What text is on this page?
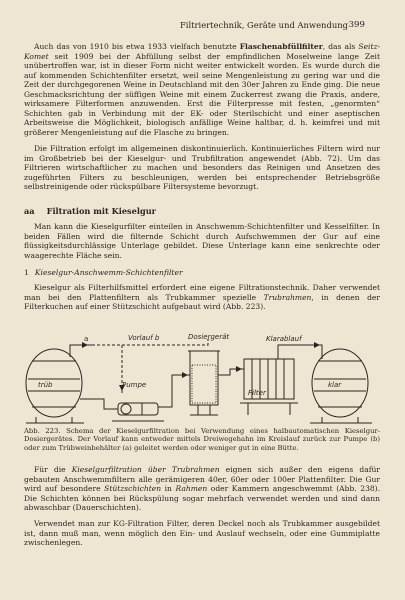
Filtriertechnik, Geräte und Anwendung 399

Auch das von 1910 bis etwa 1933 vielfach benutzte Flaschenabfüllfilter, das als Seitz-Komet seit 1909 bei der Abfüllung selbst der empfindlichen Moselweine lange Zeit unübertroffen war, ist in dieser Form nicht weiter entwickelt worden. Es wurde durch die auf kommenden Schichtenfilter ersetzt, weil seine Mengenleistung zu gering war und die Zeit der durchgegorenen Weine in Deutschland mit den 30er Jahren zu Ende ging. Die neue Geschmacksrichtung der süffigen Weine mit einem Zuckerrest zwang die Praxis, andere, wirksamere Filterformen anzuwenden. Erst die Filterpresse mit festen, „genormten“ Schichten gab in Verbindung mit der EK- oder Sterilschicht und einer aseptischen Arbeitsweise die Möglichkeit, biologisch anfällige Weine haltbar, d. h. keimfrei und mit größerer Mengenleistung auf die Flasche zu bringen.

Die Filtration erfolgt im allgemeinen diskontinuierlich. Kontinuierliches Filtern wird nur im Großbetrieb bei der Kieselgur- und Trubfiltration angewendet (Abb. 72). Um das Filtrieren wirtschaftlicher zu machen und besonders das Reinigen und Ansetzen des zugeführten Filters zu beschleunigen, werden bei entsprechender Betriebsgröße selbstreinigende oder rückspülbare Filtersysteme bevorzugt.

aa Filtration mit Kieselgur

Man kann die Kieselgurfilter einteilen in Anschwemm-Schichtenfilter und Kesselfilter. In beiden Fällen wird die filternde Schicht durch Aufschwemmen der Gur auf eine flüssigkeitsdurchlässige Unterlage gebildet. Diese Unterlage kann eine senkrechte oder waagerechte Fläche sein.

1 Kieselgur-Anschwemm-Schichtenfilter

Kieselgur als Filterhilfsmittel erfordert eine eigene Filtrationstechnik. Daher verwendet man bei den Plattenfiltern als Trubkammer spezielle Trubrahmen, in denen der Filterkuchen auf einer Stützschicht aufgebaut wird (Abb. 223).

trüb
a	Vorlauf b
Pumpe
Dosiergerät
Filter
Klarablauf
klar
Abb. 223. Schema der Kieselgurfiltration bei Verwendung eines halbautomatischen Kieselgur-Dosiergerätes. Der Vorlauf kann entweder mittels Dreiwegehahn im Kreislauf zurück zur Pumpe (b) oder zum Trübweinbehälter (a) geleitet werden oder weniger gut in eine Bütte.

Für die Kieselgurfiltration über Trubrahmen eignen sich außer den eigens dafür gebauten Anschwemmfiltern alle gerämigeren 40er, 60er oder 100er Plattenfilter. Die Gur wird auf besondere Stützschichten in Rahmen oder Kammern angeschwemmt (Abb. 238). Die Schichten können bei Rückspülung sogar mehrfach verwendet werden und sind dann abwaschbar (Dauerschichten).

Verwendet man zur KG-Filtration Filter, deren Deckel noch als Trubkammer ausgebildet ist, dann muß man, wenn möglich den Ein- und Auslauf wechseln, oder eine Gummiplatte zwischenlegen.
